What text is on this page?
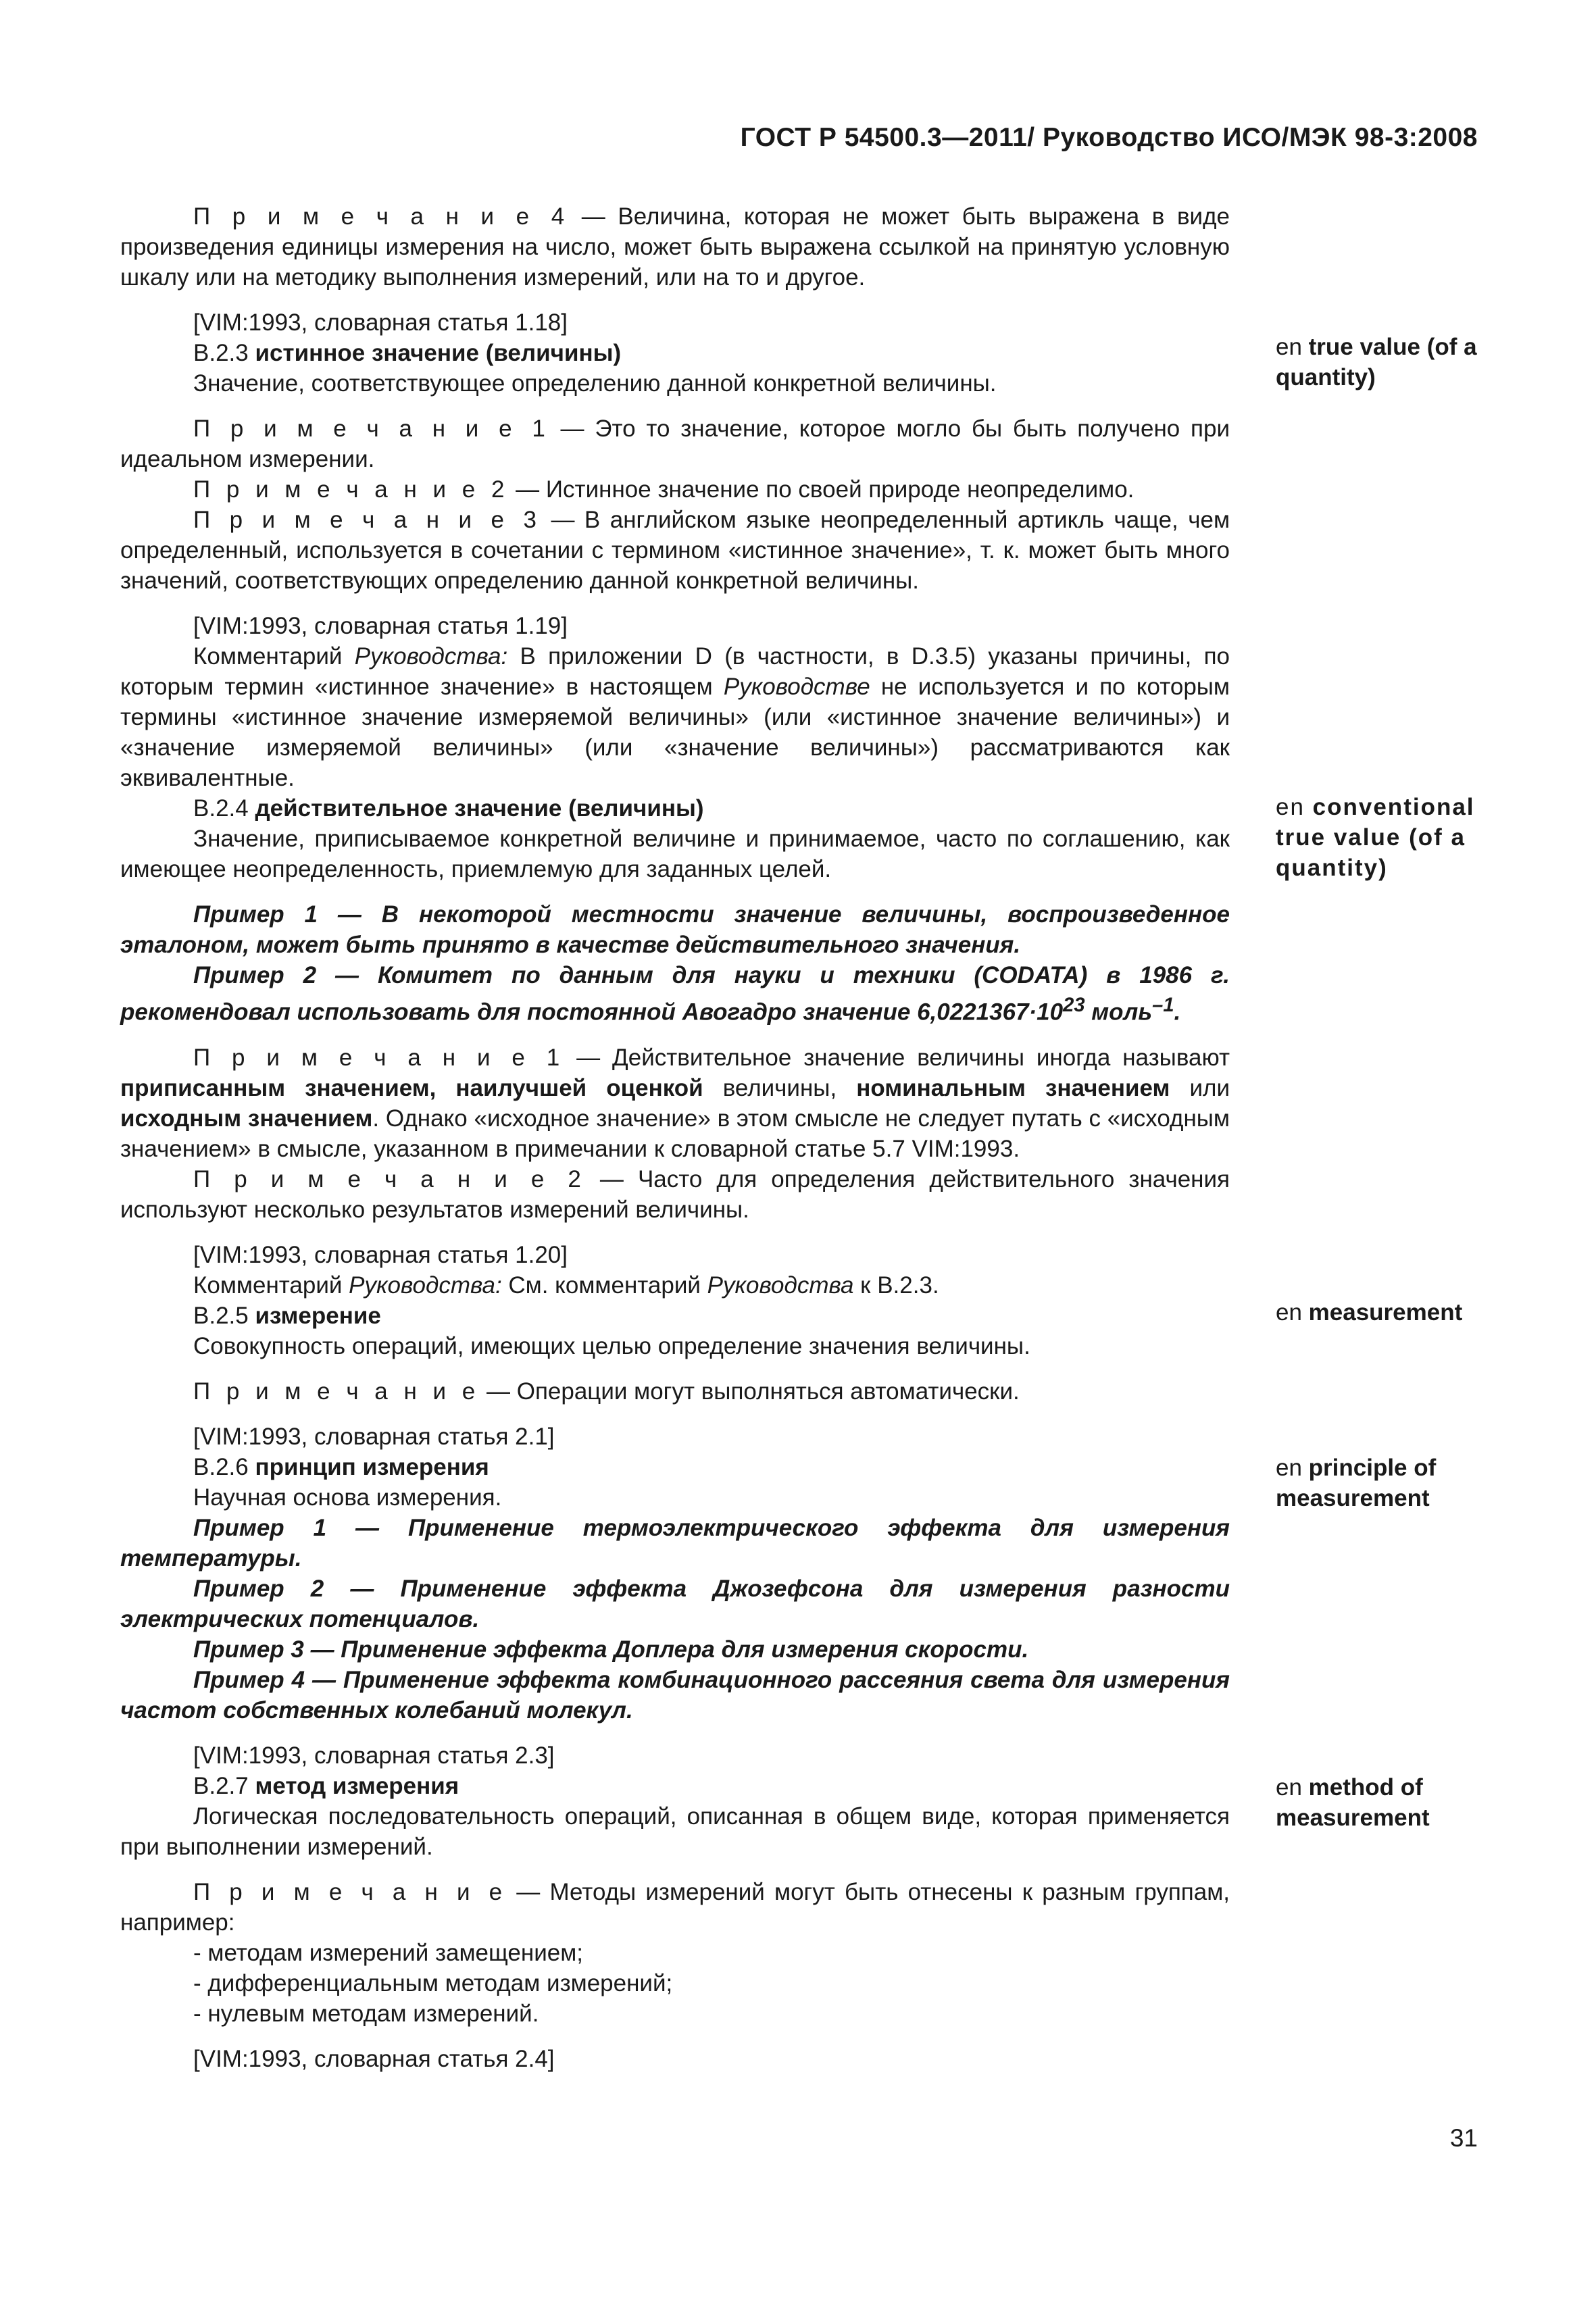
ГОСТ Р 54500.3—2011/ Руководство ИСО/МЭК 98-3:2008

П р и м е ч а н и е 4 — Величина, которая не может быть выражена в виде произведения единицы измерения на число, может быть выражена ссылкой на принятую условную шкалу или на методику выполнения измерений, или на то и другое.

[VIM:1993, словарная статья 1.18]

B.2.3 истинное значение (величины)

Значение, соответствующее определению данной конкретной величины.

П р и м е ч а н и е 1 — Это то значение, которое могло бы быть получено при идеальном измерении.

П р и м е ч а н и е 2 — Истинное значение по своей природе неопределимо.

П р и м е ч а н и е 3 — В английском языке неопределенный артикль чаще, чем определенный, используется в сочетании с термином «истинное значение», т. к. может быть много значений, соответствующих определению данной конкретной величины.

[VIM:1993, словарная статья 1.19]

Комментарий Руководства: В приложении D (в частности, в D.3.5) указаны причины, по которым термин «истинное значение» в настоящем Руководстве не используется и по которым термины «истинное значение измеряемой величины» (или «истинное значение величины») и «значение измеряемой величины» (или «значение величины») рассматриваются как эквивалентные.

B.2.4 действительное значение (величины)

Значение, приписываемое конкретной величине и принимаемое, часто по соглашению, как имеющее неопределенность, приемлемую для заданных целей.

Пример 1 — В некоторой местности значение величины, воспроизведенное эталоном, может быть принято в качестве действительного значения.

Пример 2 — Комитет по данным для науки и техники (CODATA) в 1986 г. рекомендовал использовать для постоянной Авогадро значение $6,0221367\cdot 10^{23}$ моль$^{-1}$.

П р и м е ч а н и е 1 — Действительное значение величины иногда называют приписанным значением, наилучшей оценкой величины, номинальным значением или исходным значением. Однако «исходное значение» в этом смысле не следует путать с «исходным значением» в смысле, указанном в примечании к словарной статье 5.7 VIM:1993.

П р и м е ч а н и е 2 — Часто для определения действительного значения используют несколько результатов измерений величины.

[VIM:1993, словарная статья 1.20]

Комментарий Руководства: См. комментарий Руководства к B.2.3.

B.2.5 измерение

Совокупность операций, имеющих целью определение значения величины.

П р и м е ч а н и е — Операции могут выполняться автоматически.

[VIM:1993, словарная статья 2.1]

B.2.6 принцип измерения

Научная основа измерения.

Пример 1 — Применение термоэлектрического эффекта для измерения температуры.

Пример 2 — Применение эффекта Джозефсона для измерения разности электрических потенциалов.

Пример 3 — Применение эффекта Доплера для измерения скорости.

Пример 4 — Применение эффекта комбинационного рассеяния света для измерения частот собственных колебаний молекул.

[VIM:1993, словарная статья 2.3]

B.2.7 метод измерения

Логическая последовательность операций, описанная в общем виде, которая применяется при выполнении измерений.

П р и м е ч а н и е — Методы измерений могут быть отнесены к разным группам, например:

- методам измерений замещением;

- дифференциальным методам измерений;

- нулевым методам измерений.

[VIM:1993, словарная статья 2.4]

en true value (of a quantity)
en conventional true value (of a quantity)
en measurement
en principle of measurement
en method of measurement
31
